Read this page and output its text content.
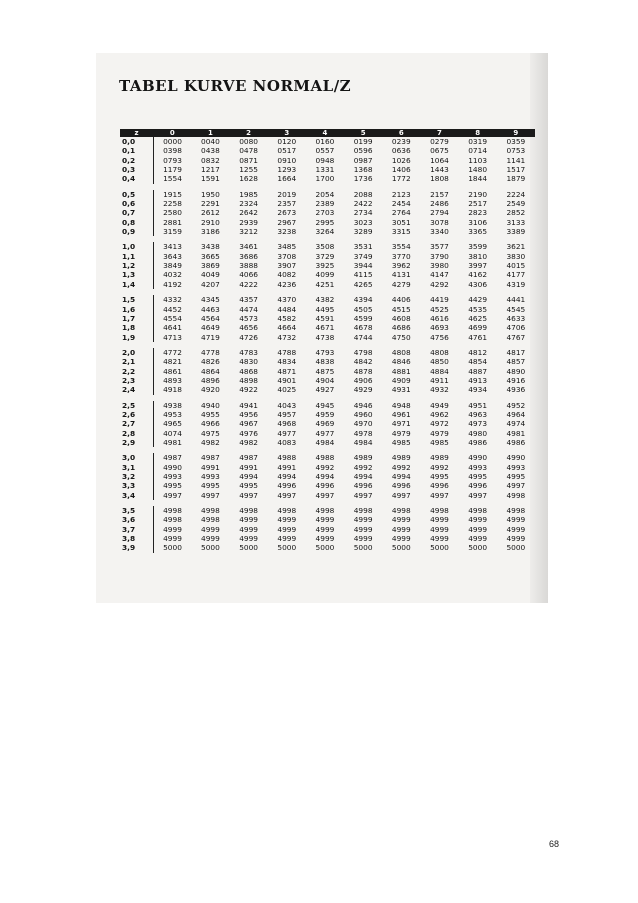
TABEL KURVE NORMAL/Z
z	0	1	2	3	4	5	6	7	8	9
0,0	0000	0040	0080	0120	0160	0199	0239	0279	0319	0359
0,1	0398	0438	0478	0517	0557	0596	0636	0675	0714	0753
0,2	0793	0832	0871	0910	0948	0987	1026	1064	1103	1141
0,3	1179	1217	1255	1293	1331	1368	1406	1443	1480	1517
0,4	1554	1591	1628	1664	1700	1736	1772	1808	1844	1879

0,5	1915	1950	1985	2019	2054	2088	2123	2157	2190	2224
0,6	2258	2291	2324	2357	2389	2422	2454	2486	2517	2549
0,7	2580	2612	2642	2673	2703	2734	2764	2794	2823	2852
0,8	2881	2910	2939	2967	2995	3023	3051	3078	3106	3133
0,9	3159	3186	3212	3238	3264	3289	3315	3340	3365	3389

1,0	3413	3438	3461	3485	3508	3531	3554	3577	3599	3621
1,1	3643	3665	3686	3708	3729	3749	3770	3790	3810	3830
1,2	3849	3869	3888	3907	3925	3944	3962	3980	3997	4015
1,3	4032	4049	4066	4082	4099	4115	4131	4147	4162	4177
1,4	4192	4207	4222	4236	4251	4265	4279	4292	4306	4319

1,5	4332	4345	4357	4370	4382	4394	4406	4419	4429	4441
1,6	4452	4463	4474	4484	4495	4505	4515	4525	4535	4545
1,7	4554	4564	4573	4582	4591	4599	4608	4616	4625	4633
1,8	4641	4649	4656	4664	4671	4678	4686	4693	4699	4706
1,9	4713	4719	4726	4732	4738	4744	4750	4756	4761	4767

2,0	4772	4778	4783	4788	4793	4798	4808	4808	4812	4817
2,1	4821	4826	4830	4834	4838	4842	4846	4850	4854	4857
2,2	4861	4864	4868	4871	4875	4878	4881	4884	4887	4890
2,3	4893	4896	4898	4901	4904	4906	4909	4911	4913	4916
2,4	4918	4920	4922	4025	4927	4929	4931	4932	4934	4936

2,5	4938	4940	4941	4043	4945	4946	4948	4949	4951	4952
2,6	4953	4955	4956	4957	4959	4960	4961	4962	4963	4964
2,7	4965	4966	4967	4968	4969	4970	4971	4972	4973	4974
2,8	4074	4975	4976	4977	4977	4978	4979	4979	4980	4981
2,9	4981	4982	4982	4083	4984	4984	4985	4985	4986	4986

3,0	4987	4987	4987	4988	4988	4989	4989	4989	4990	4990
3,1	4990	4991	4991	4991	4992	4992	4992	4992	4993	4993
3,2	4993	4993	4994	4994	4994	4994	4994	4995	4995	4995
3,3	4995	4995	4995	4996	4996	4996	4996	4996	4996	4997
3,4	4997	4997	4997	4997	4997	4997	4997	4997	4997	4998

3,5	4998	4998	4998	4998	4998	4998	4998	4998	4998	4998
3,6	4998	4998	4999	4999	4999	4999	4999	4999	4999	4999
3,7	4999	4999	4999	4999	4999	4999	4999	4999	4999	4999
3,8	4999	4999	4999	4999	4999	4999	4999	4999	4999	4999
3,9	5000	5000	5000	5000	5000	5000	5000	5000	5000	5000
68
